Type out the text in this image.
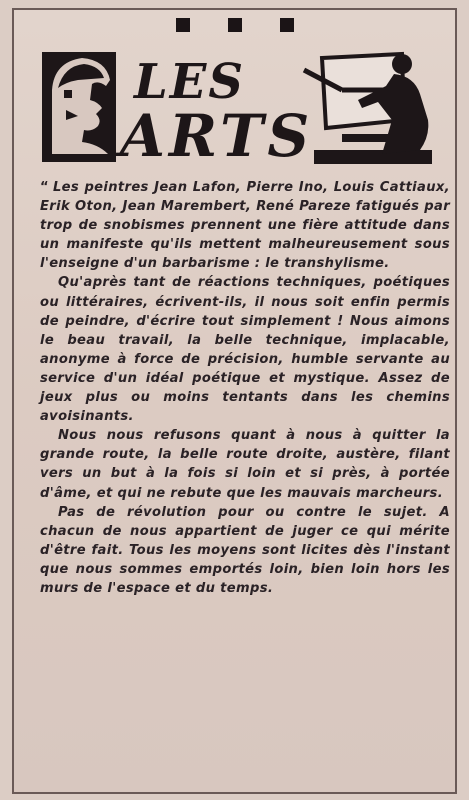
LES
ARTS

“ Les peintres Jean Lafon, Pierre Ino, Louis Cattiaux, Erik Oton, Jean Marembert, René Pareze fatigués par trop de snobismes prennent une fière attitude dans un manifeste qu'ils mettent malheureusement sous l'enseigne d'un barbarisme : le transhylisme.

Qu'après tant de réactions techniques, poétiques ou littéraires, écrivent-ils, il nous soit enfin permis de peindre, d'écrire tout simplement ! Nous aimons le beau travail, la belle technique, implacable, anonyme à force de précision, humble servante au service d'un idéal poétique et mystique. Assez de jeux plus ou moins tentants dans les chemins avoisinants.

Nous nous refusons quant à nous à quitter la grande route, la belle route droite, austère, filant vers un but à la fois si loin et si près, à portée d'âme, et qui ne rebute que les mauvais marcheurs.

Pas de révolution pour ou contre le sujet. A chacun de nous appartient de juger ce qui mérite d'être fait. Tous les moyens sont licites dès l'instant que nous sommes emportés loin, bien loin hors les murs de l'espace et du temps.
